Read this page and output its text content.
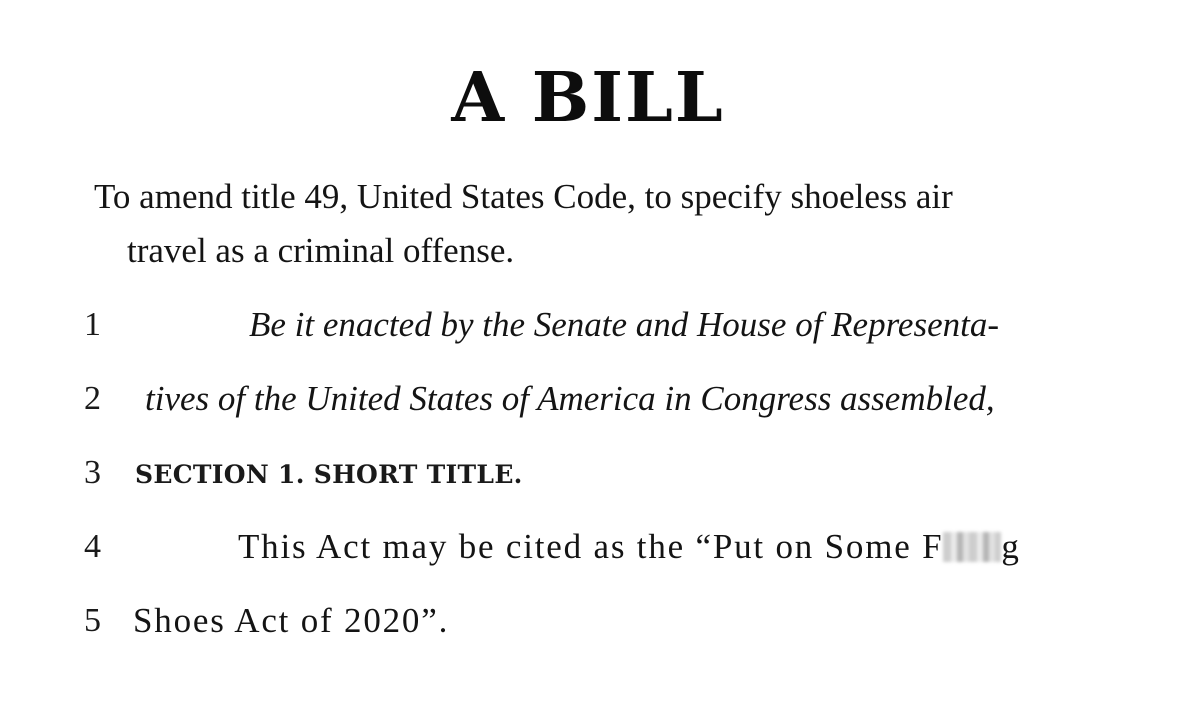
A BILL
To amend title 49, United States Code, to specify shoeless air
travel as a criminal offense.
1	Be it enacted by the Senate and House of Representa-
2 tives of the United States of America in Congress assembled,
3 SECTION 1. SHORT TITLE.
4	This Act may be cited as the “Put on Some F g
5 Shoes Act of 2020”.
